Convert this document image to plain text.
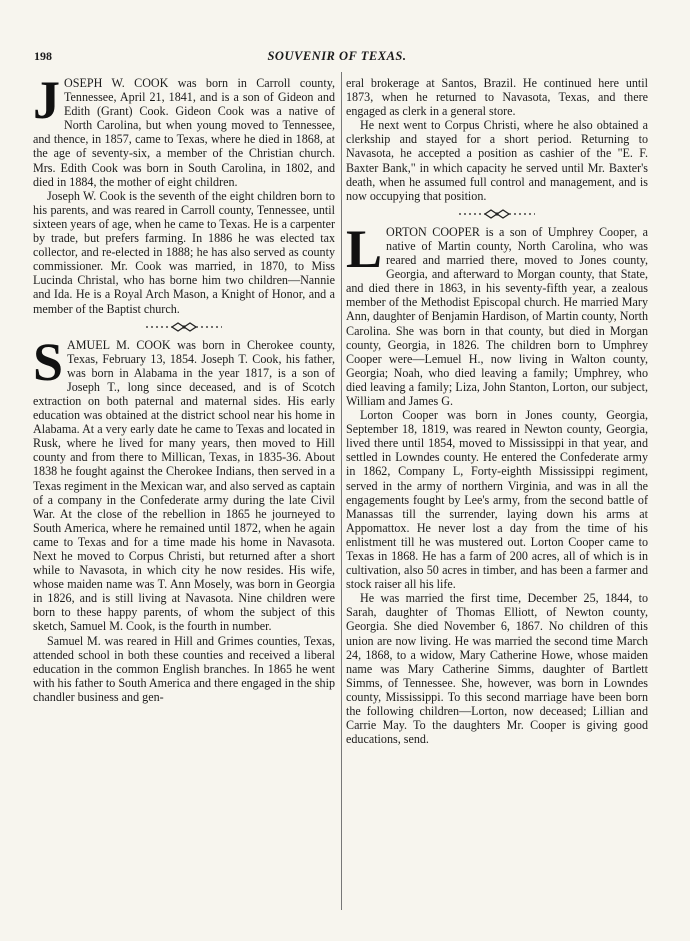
198	SOUVENIR OF TEXAS.
J OSEPH W. COOK was born in Carroll county, Tennessee, April 21, 1841, and is a son of Gideon and Edith (Grant) Cook. Gideon Cook was a native of North Carolina, but when young moved to Tennessee, and thence, in 1857, came to Texas, where he died in 1868, at the age of seventy-six, a member of the Christian church. Mrs. Edith Cook was born in South Carolina, in 1802, and died in 1884, the mother of eight children.

Joseph W. Cook is the seventh of the eight children born to his parents, and was reared in Carroll county, Tennessee, until sixteen years of age, when he came to Texas. He is a carpenter by trade, but prefers farming. In 1886 he was elected tax collector, and re-elected in 1888; he has also served as county commissioner. Mr. Cook was married, in 1870, to Miss Lucinda Christal, who has borne him two children—Nannie and Ida. He is a Royal Arch Mason, a Knight of Honor, and a member of the Baptist church.

S AMUEL M. COOK was born in Cherokee county, Texas, February 13, 1854. Joseph T. Cook, his father, was born in Alabama in the year 1817, is a son of Joseph T., long since deceased, and is of Scotch extraction on both paternal and maternal sides. His early education was obtained at the district school near his home in Alabama. At a very early date he came to Texas and located in Rusk, where he lived for many years, then moved to Hill county and from there to Millican, Texas, in 1835-36. About 1838 he fought against the Cherokee Indians, then served in a Texas regiment in the Mexican war, and also served as captain of a company in the Confederate army during the late Civil War. At the close of the rebellion in 1865 he journeyed to South America, where he remained until 1872, when he again came to Texas and for a time made his home in Navasota. Next he moved to Corpus Christi, but returned after a short while to Navasota, in which city he now resides. His wife, whose maiden name was T. Ann Mosely, was born in Georgia in 1826, and is still living at Navasota. Nine children were born to these happy parents, of whom the subject of this sketch, Samuel M. Cook, is the fourth in number.

Samuel M. was reared in Hill and Grimes counties, Texas, attended school in both these counties and received a liberal education in the common English branches. In 1865 he went with his father to South America and there engaged in the ship chandler business and gen-

eral brokerage at Santos, Brazil. He continued here until 1873, when he returned to Navasota, Texas, and there engaged as clerk in a general store.

He next went to Corpus Christi, where he also obtained a clerkship and stayed for a short period. Returning to Navasota, he accepted a position as cashier of the "E. F. Baxter Bank," in which capacity he served until Mr. Baxter's death, when he assumed full control and management, and is now occupying that position.

L ORTON COOPER is a son of Umphrey Cooper, a native of Martin county, North Carolina, who was reared and married there, moved to Jones county, Georgia, and afterward to Morgan county, that State, and died there in 1863, in his seventy-fifth year, a zealous member of the Methodist Episcopal church. He married Mary Ann, daughter of Benjamin Hardison, of Martin county, North Carolina. She was born in that county, but died in Morgan county, Georgia, in 1826. The children born to Umphrey Cooper were—Lemuel H., now living in Walton county, Georgia; Noah, who died leaving a family; Umphrey, who died leaving a family; Liza, John Stanton, Lorton, our subject, William and James G.

Lorton Cooper was born in Jones county, Georgia, September 18, 1819, was reared in Newton county, Georgia, lived there until 1854, moved to Mississippi in that year, and settled in Lowndes county. He entered the Confederate army in 1862, Company L, Forty-eighth Mississippi regiment, served in the army of northern Virginia, and was in all the engagements fought by Lee's army, from the second battle of Manassas till the surrender, laying down his arms at Appomattox. He never lost a day from the time of his enlistment till he was mustered out. Lorton Cooper came to Texas in 1868. He has a farm of 200 acres, all of which is in cultivation, also 50 acres in timber, and has been a farmer and stock raiser all his life.

He was married the first time, December 25, 1844, to Sarah, daughter of Thomas Elliott, of Newton county, Georgia. She died November 6, 1867. No children of this union are now living. He was married the second time March 24, 1868, to a widow, Mary Catherine Howe, whose maiden name was Mary Catherine Simms, daughter of Bartlett Simms, of Tennessee. She, however, was born in Lowndes county, Mississippi. To this second marriage have been born the following children—Lorton, now deceased; Lillian and Carrie May. To the daughters Mr. Cooper is giving good educations, send.
